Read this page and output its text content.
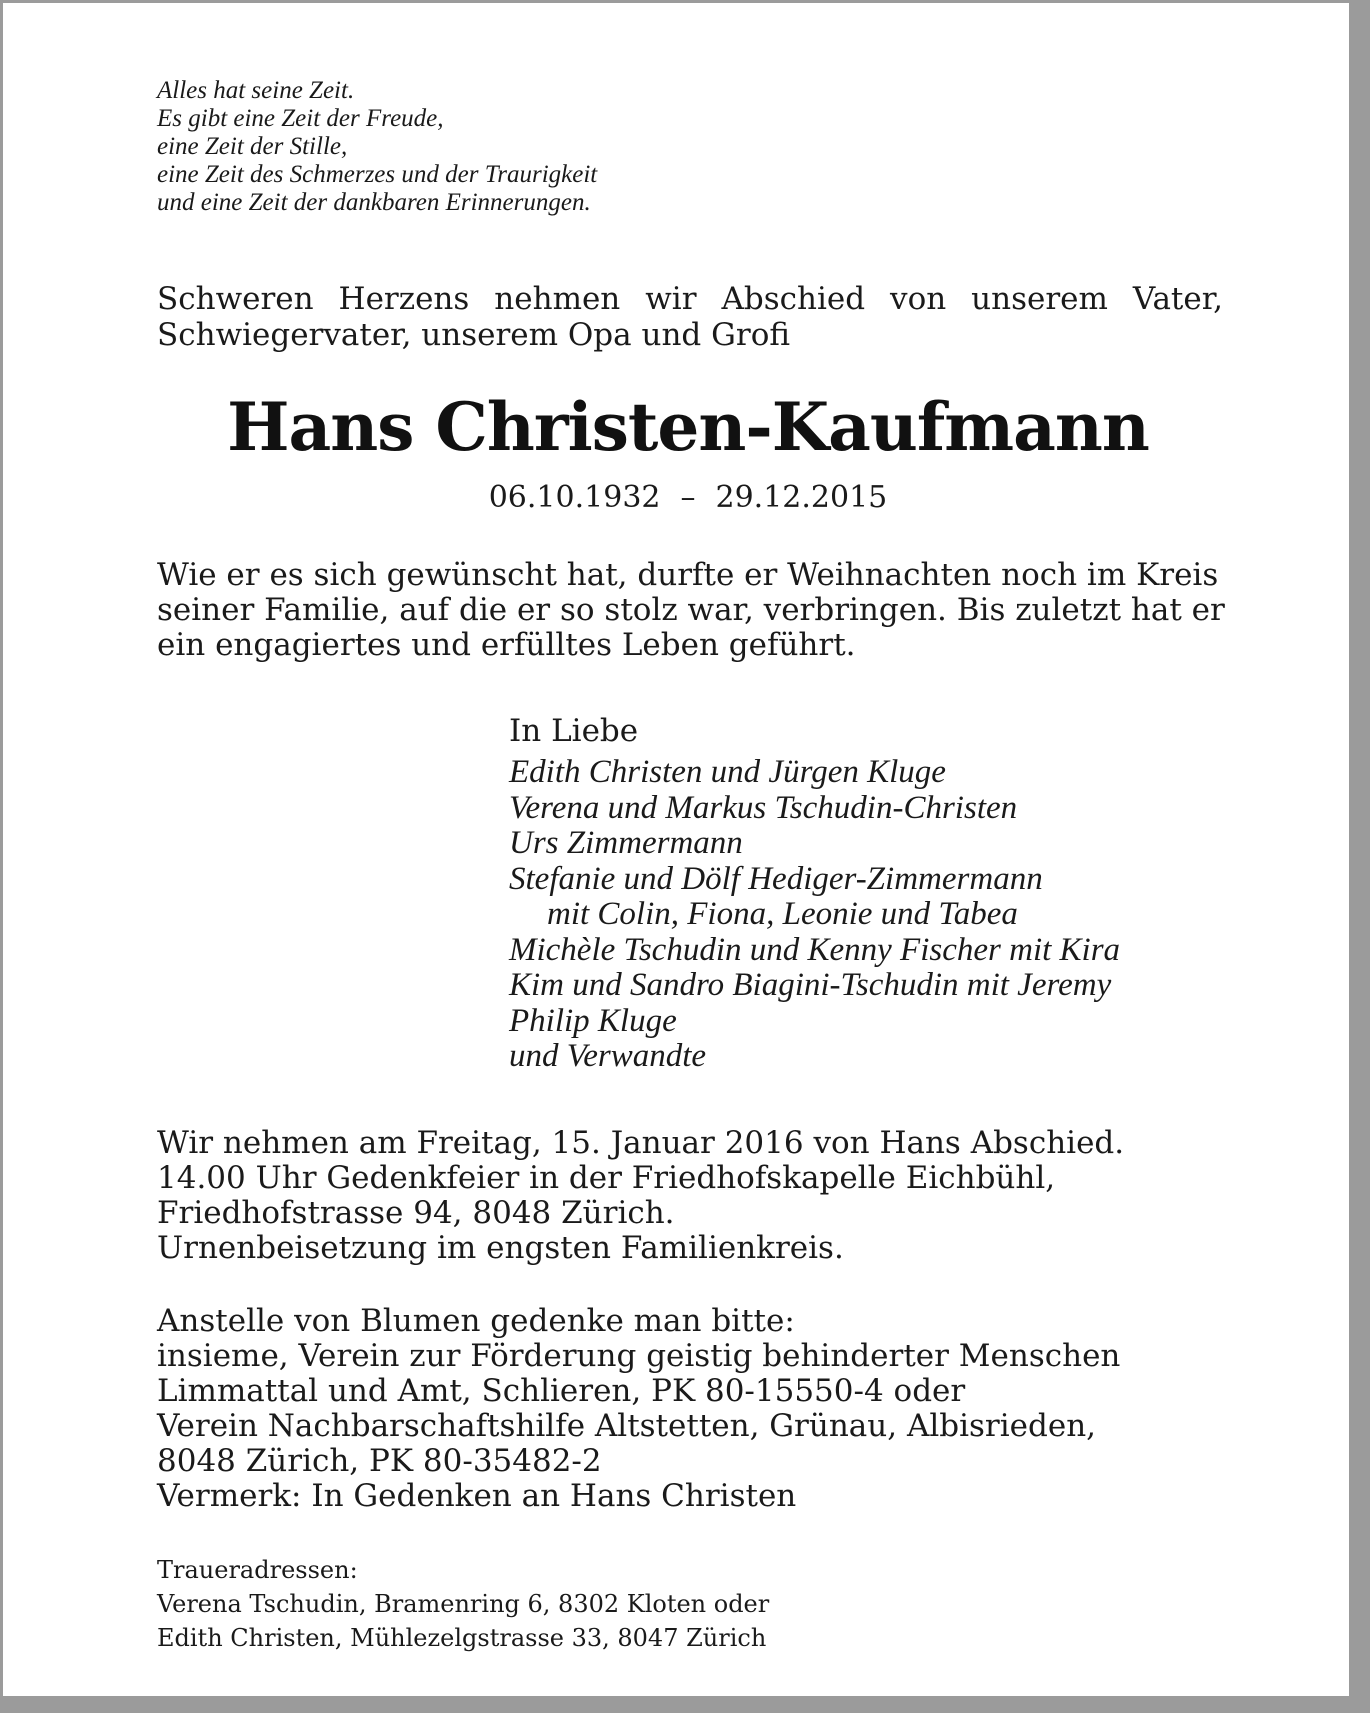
Alles hat seine Zeit.
Es gibt eine Zeit der Freude,
eine Zeit der Stille,
eine Zeit des Schmerzes und der Traurigkeit
und eine Zeit der dankbaren Erinnerungen.
Schweren Herzens nehmen wir Abschied von unserem Vater, Schwiegervater, unserem Opa und Grofi
Hans Christen-Kaufmann
06.10.1932 – 29.12.2015
Wie er es sich gewünscht hat, durfte er Weihnachten noch im Kreis
seiner Familie, auf die er so stolz war, verbringen. Bis zuletzt hat er
ein engagiertes und erfülltes Leben geführt.
In Liebe
Edith Christen und Jürgen Kluge
Verena und Markus Tschudin-Christen
Urs Zimmermann
Stefanie und Dölf Hediger-Zimmermann
mit Colin, Fiona, Leonie und Tabea
Michèle Tschudin und Kenny Fischer mit Kira
Kim und Sandro Biagini-Tschudin mit Jeremy
Philip Kluge
und Verwandte
Wir nehmen am Freitag, 15. Januar 2016 von Hans Abschied.
14.00 Uhr Gedenkfeier in der Friedhofskapelle Eichbühl,
Friedhofstrasse 94, 8048 Zürich.
Urnenbeisetzung im engsten Familienkreis.
Anstelle von Blumen gedenke man bitte:
insieme, Verein zur Förderung geistig behinderter Menschen
Limmattal und Amt, Schlieren, PK 80-15550-4 oder
Verein Nachbarschaftshilfe Altstetten, Grünau, Albisrieden,
8048 Zürich, PK 80-35482-2
Vermerk: In Gedenken an Hans Christen
Traueradressen:
Verena Tschudin, Bramenring 6, 8302 Kloten oder
Edith Christen, Mühlezelgstrasse 33, 8047 Zürich
